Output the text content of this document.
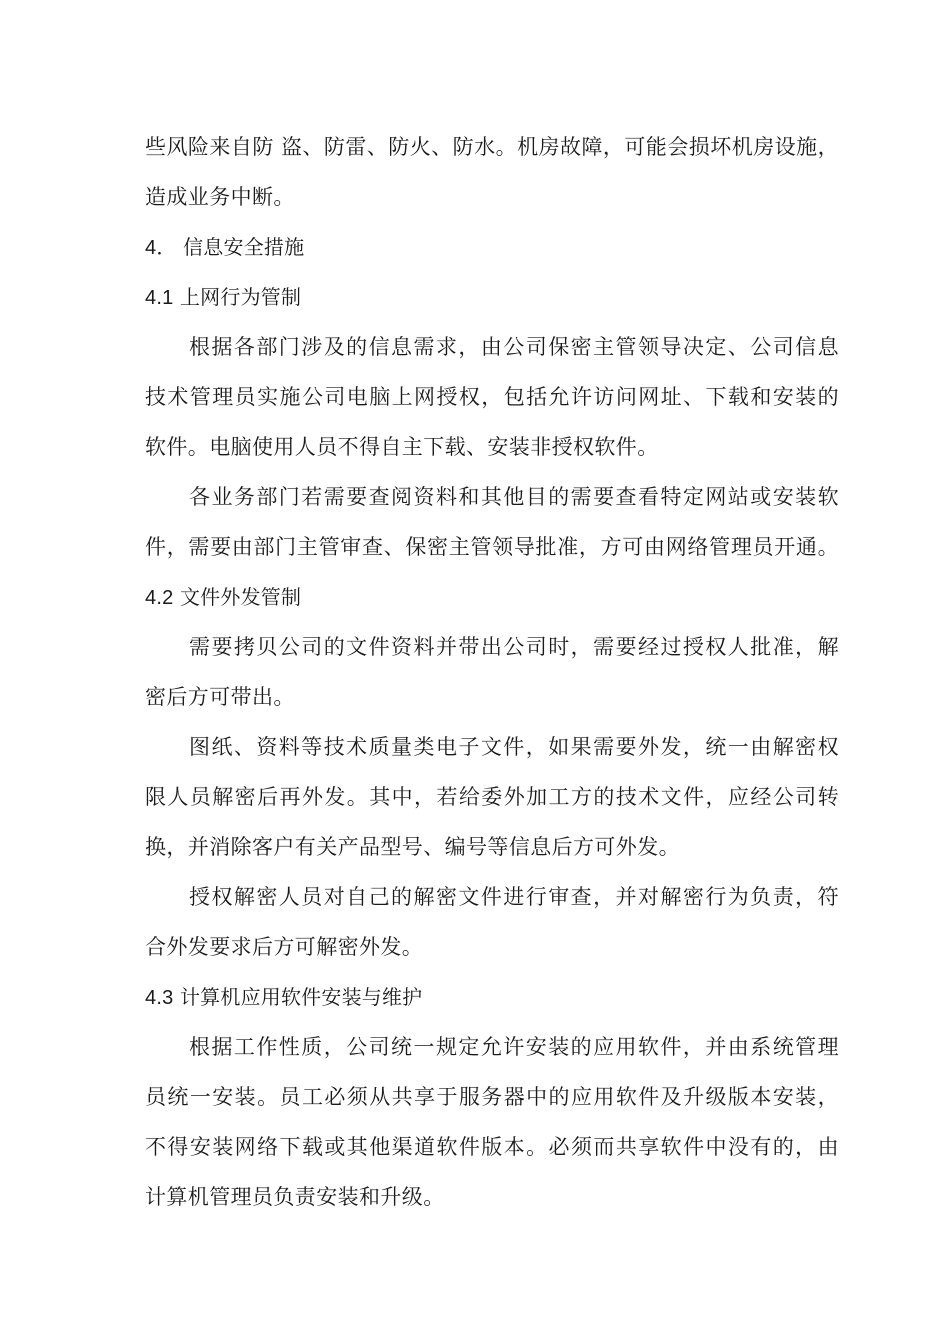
些风险来自防 盗、防雷、防火、防水。机房故障，可能会损坏机房设施，
造成业务中断。
4． 信息安全措施
4.1 上网行为管制
根据各部门涉及的信息需求，由公司保密主管领导决定、公司信息
技术管理员实施公司电脑上网授权，包括允许访问网址、下载和安装的
软件。电脑使用人员不得自主下载、安装非授权软件。
各业务部门若需要查阅资料和其他目的需要查看特定网站或安装软
件，需要由部门主管审查、保密主管领导批准，方可由网络管理员开通。
4.2 文件外发管制
需要拷贝公司的文件资料并带出公司时，需要经过授权人批准，解
密后方可带出。
图纸、资料等技术质量类电子文件，如果需要外发，统一由解密权
限人员解密后再外发。其中，若给委外加工方的技术文件，应经公司转
换，并消除客户有关产品型号、编号等信息后方可外发。
授权解密人员对自己的解密文件进行审查，并对解密行为负责，符
合外发要求后方可解密外发。
4.3 计算机应用软件安装与维护
根据工作性质，公司统一规定允许安装的应用软件，并由系统管理
员统一安装。员工必须从共享于服务器中的应用软件及升级版本安装，
不得安装网络下载或其他渠道软件版本。必须而共享软件中没有的，由
计算机管理员负责安装和升级。
